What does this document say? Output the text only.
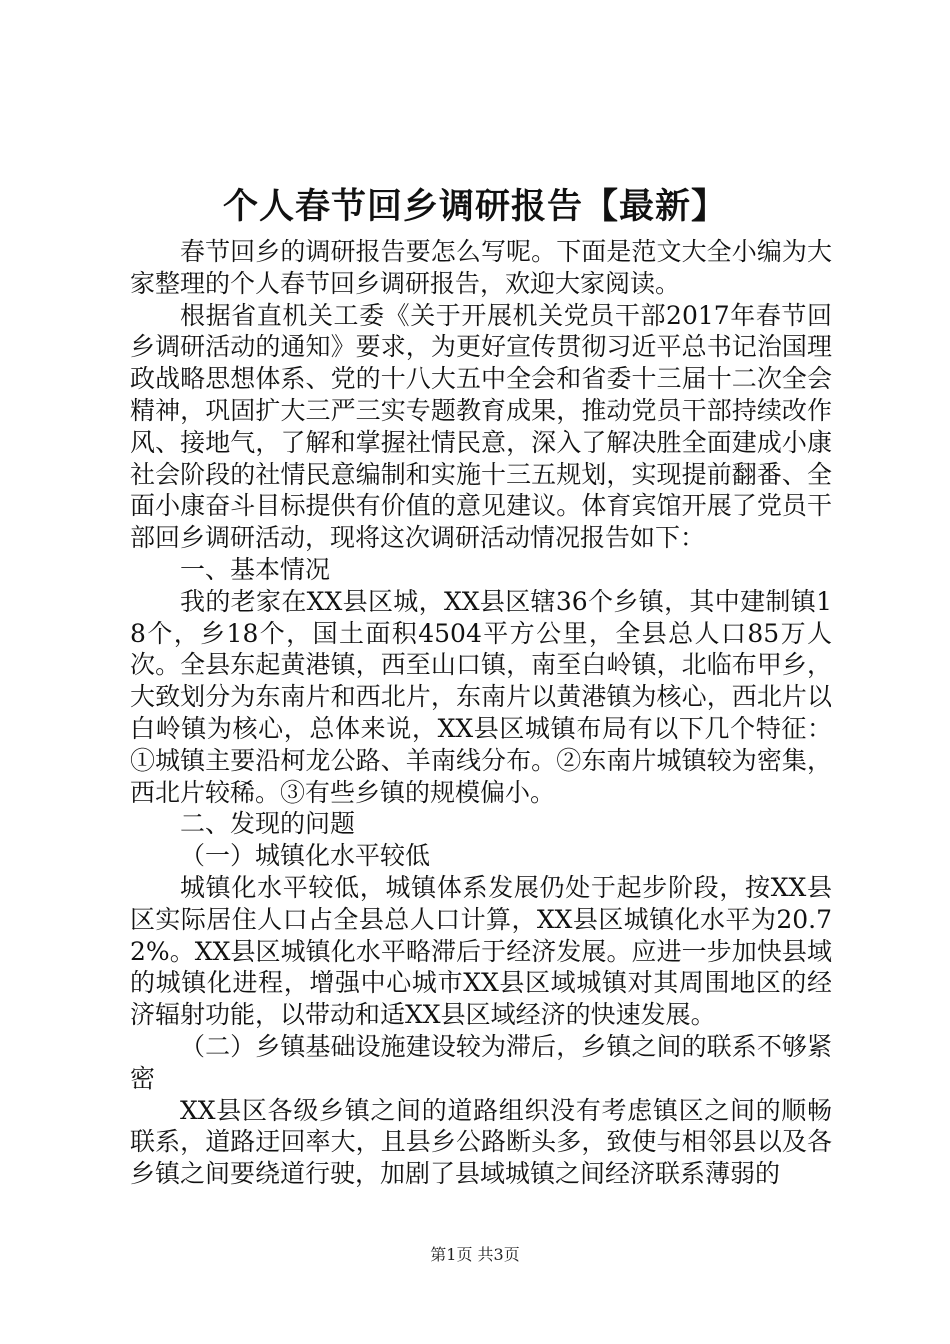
个人春节回乡调研报告【最新】

春节回乡的调研报告要怎么写呢。下面是范文大全小编为大家整理的个人春节回乡调研报告，欢迎大家阅读。

根据省直机关工委《关于开展机关党员干部2017年春节回乡调研活动的通知》要求，为更好宣传贯彻习近平总书记治国理政战略思想体系、党的十八大五中全会和省委十三届十二次全会精神，巩固扩大三严三实专题教育成果，推动党员干部持续改作风、接地气，了解和掌握社情民意，深入了解决胜全面建成小康社会阶段的社情民意编制和实施十三五规划，实现提前翻番、全面小康奋斗目标提供有价值的意见建议。体育宾馆开展了党员干部回乡调研活动，现将这次调研活动情况报告如下：

一、基本情况

我的老家在XX县区城，XX县区辖36个乡镇，其中建制镇18个，乡18个，国土面积4504平方公里，全县总人口85万人次。全县东起黄港镇，西至山口镇，南至白岭镇，北临布甲乡，大致划分为东南片和西北片，东南片以黄港镇为核心，西北片以白岭镇为核心，总体来说，XX县区城镇布局有以下几个特征：①城镇主要沿柯龙公路、羊南线分布。②东南片城镇较为密集，西北片较稀。③有些乡镇的规模偏小。

二、发现的问题

（一）城镇化水平较低

城镇化水平较低，城镇体系发展仍处于起步阶段，按XX县区实际居住人口占全县总人口计算，XX县区城镇化水平为20.72%。XX县区城镇化水平略滞后于经济发展。应进一步加快县域的城镇化进程，增强中心城市XX县区域城镇对其周围地区的经济辐射功能，以带动和适XX县区域经济的快速发展。

（二）乡镇基础设施建设较为滞后，乡镇之间的联系不够紧密

XX县区各级乡镇之间的道路组织没有考虑镇区之间的顺畅联系，道路迂回率大，且县乡公路断头多，致使与相邻县以及各乡镇之间要绕道行驶，加剧了县域城镇之间经济联系薄弱的

第1页 共3页
